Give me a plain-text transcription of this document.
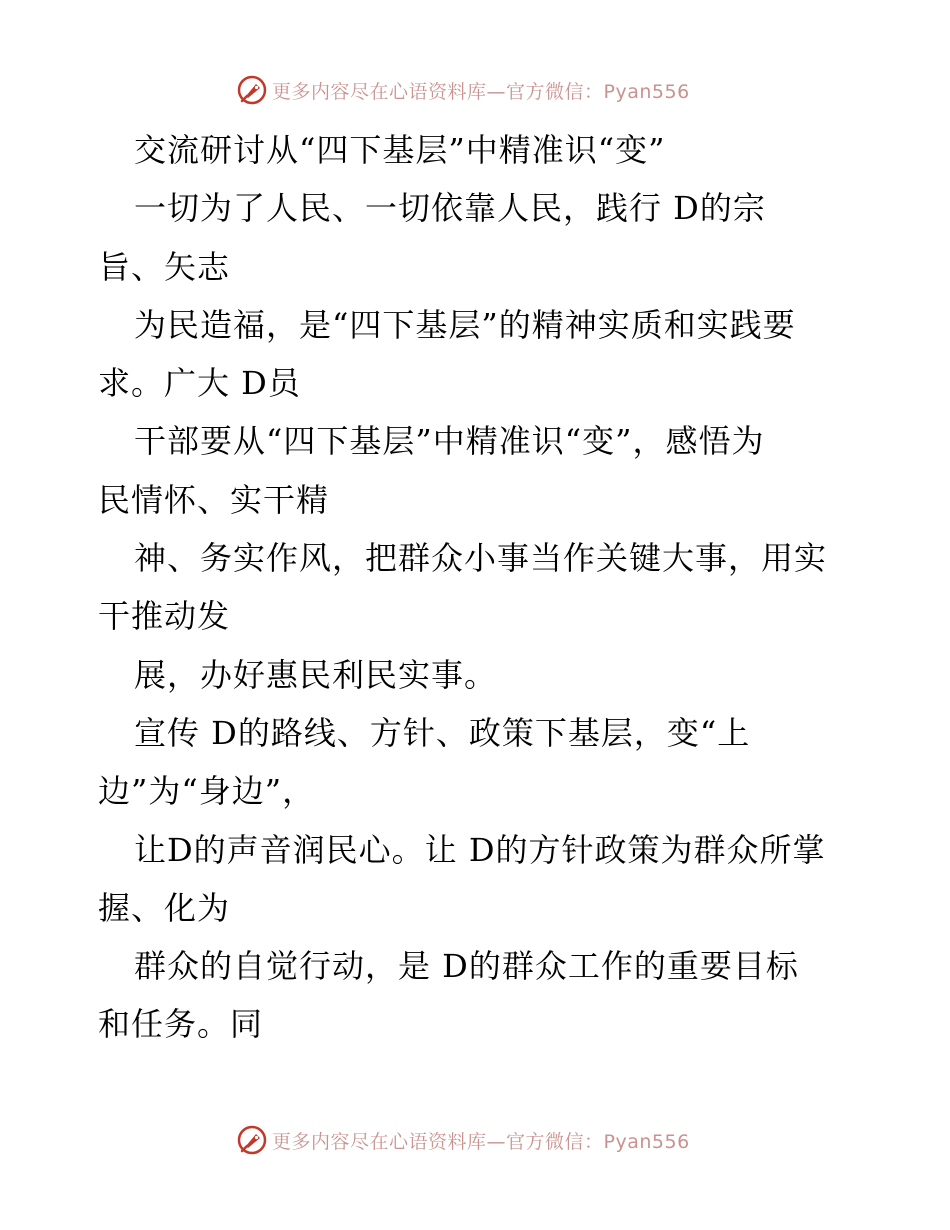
更多内容尽在心语资料库—官方微信：Pyan556
交流研讨从“四下基层”中精准识“变”
一切为了人民、一切依靠人民，践行 D的宗
旨、矢志
为民造福，是“四下基层”的精神实质和实践要
求。广大 D员
干部要从“四下基层”中精准识“变”，感悟为
民情怀、实干精
神、务实作风，把群众小事当作关键大事，用实
干推动发
展，办好惠民利民实事。
宣传 D的路线、方针、政策下基层，变“上
边”为“身边”，
让D的声音润民心。让 D的方针政策为群众所掌
握、化为
群众的自觉行动，是 D的群众工作的重要目标
和任务。同
更多内容尽在心语资料库—官方微信：Pyan556
